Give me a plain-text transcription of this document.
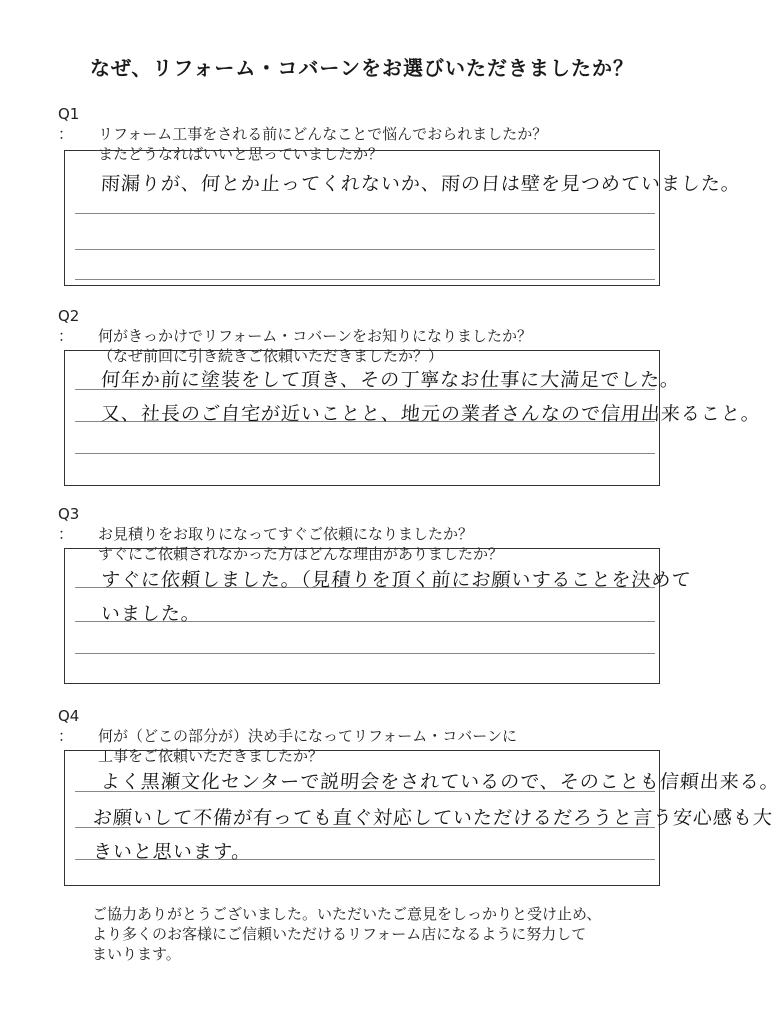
なぜ、リフォーム・コバーンをお選びいただきましたか？
Q1 ： リフォーム工事をされる前にどんなことで悩んでおられましたか？
またどうなればいいと思っていましたか？
雨漏りが、何とか止ってくれないか、雨の日は壁を見つめていました。
Q2 ： 何がきっかけでリフォーム・コバーンをお知りになりましたか？
（なぜ前回に引き続きご依頼いただきましたか？）
何年か前に塗装をして頂き、その丁寧なお仕事に大満足でした。
又、社長のご自宅が近いことと、地元の業者さんなので信用出来ること。
Q3 ： お見積りをお取りになってすぐご依頼になりましたか？
すぐにご依頼されなかった方はどんな理由がありましたか？
すぐに依頼しました。（見積りを頂く前にお願いすることを決めて
いました。
Q4 ： 何が（どこの部分が）決め手になってリフォーム・コバーンに
工事をご依頼いただきましたか？
よく黒瀬文化センターで説明会をされているので、そのことも信頼出来る。
お願いして不備が有っても直ぐ対応していただけるだろうと言う安心感も大
きいと思います。
ご協力ありがとうございました。いただいたご意見をしっかりと受け止め、
より多くのお客様にご信頼いただけるリフォーム店になるように努力して
まいります。
